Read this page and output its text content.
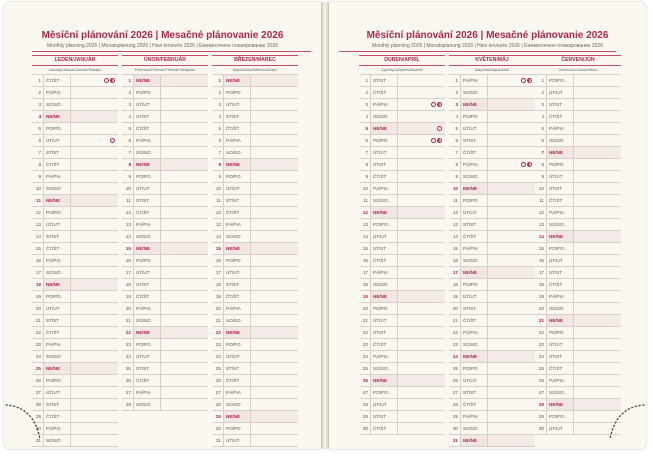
Měsíční plánování 2026 | Mesačné plánovanie 2026
Monthly planning 2026 | Monatsplanung 2026 | Havi tervezés 2026 | Ежемесячное планирование 2026
LEDEN/JANUÁR
January/Januar/Január/Январь
1	ČT/ŠT
2	PÁ/PIA
3	SO/SO
4	NE/NE
5	PO/PO
6	ÚT/UT
7	ST/ST
8	ČT/ŠT
9	PÁ/PIA
10	SO/SO
11	NE/NE
12	PO/PO
13	ÚT/UT
14	ST/ST
15	ČT/ŠT
16	PÁ/PIA
17	SO/SO
18	NE/NE
19	PO/PO
20	ÚT/UT
21	ST/ST
22	ČT/ŠT
23	PÁ/PIA
24	SO/SO
25	NE/NE
26	PO/PO
27	ÚT/UT
28	ST/ST
29	ČT/ŠT
30	PÁ/PIA
31	SO/SO
ÚNOR/FEBRUÁR
February/Februar/Február/Февраль
1	NE/NE
2	PO/PO
3	ÚT/UT
4	ST/ST
5	ČT/ŠT
6	PÁ/PIA
7	SO/SO
8	NE/NE
9	PO/PO
10	ÚT/UT
11	ST/ST
12	ČT/ŠT
13	PÁ/PIA
14	SO/SO
15	NE/NE
16	PO/PO
17	ÚT/UT
18	ST/ST
19	ČT/ŠT
20	PÁ/PIA
21	SO/SO
22	NE/NE
23	PO/PO
24	ÚT/UT
25	ST/ST
26	ČT/ŠT
27	PÁ/PIA
28	SO/SO
BŘEZEN/MAREC
March/März/Március/Март
1	NE/NE
2	PO/PO
3	ÚT/UT
4	ST/ST
5	ČT/ŠT
6	PÁ/PIA
7	SO/SO
8	NE/NE
9	PO/PO
10	ÚT/UT
11	ST/ST
12	ČT/ŠT
13	PÁ/PIA
14	SO/SO
15	NE/NE
16	PO/PO
17	ÚT/UT
18	ST/ST
19	ČT/ŠT
20	PÁ/PIA
21	SO/SO
22	NE/NE
23	PO/PO
24	ÚT/UT
25	ST/ST
26	ČT/ŠT
27	PÁ/PIA
28	SO/SO
29	NE/NE
30	PO/PO
31	ÚT/UT
Měsíční plánování 2026 | Mesačné plánovanie 2026
Monthly planning 2026 | Monatsplanung 2026 | Havi tervezés 2026 | Ежемесячное планирование 2026
DUBEN/APRÍL
April/April/Április/Апрель
1	ST/ST
2	ČT/ŠT
3	PÁ/PIA
4	SO/SO
5	NE/NE
6	PO/PO
7	ÚT/UT
8	ST/ST
9	ČT/ŠT
10	PÁ/PIA
11	SO/SO
12	NE/NE
13	PO/PO
14	ÚT/UT
15	ST/ST
16	ČT/ŠT
17	PÁ/PIA
18	SO/SO
19	NE/NE
20	PO/PO
21	ÚT/UT
22	ST/ST
23	ČT/ŠT
24	PÁ/PIA
25	SO/SO
26	NE/NE
27	PO/PO
28	ÚT/UT
29	ST/ST
30	ČT/ŠT
KVĚTEN/MÁJ
May/Mai/Május/Май
1	PÁ/PIA
2	SO/SO
3	NE/NE
4	PO/PO
5	ÚT/UT
6	ST/ST
7	ČT/ŠT
8	PÁ/PIA
9	SO/SO
10	NE/NE
11	PO/PO
12	ÚT/UT
13	ST/ST
14	ČT/ŠT
15	PÁ/PIA
16	SO/SO
17	NE/NE
18	PO/PO
19	ÚT/UT
20	ST/ST
21	ČT/ŠT
22	PÁ/PIA
23	SO/SO
24	NE/NE
25	PO/PO
26	ÚT/UT
27	ST/ST
28	ČT/ŠT
29	PÁ/PIA
30	SO/SO
31	NE/NE
ČERVEN/JÚN
June/Juni/Június/Июнь
1	PO/PO
2	ÚT/UT
3	ST/ST
4	ČT/ŠT
5	PÁ/PIA
6	SO/SO
7	NE/NE
8	PO/PO
9	ÚT/UT
10	ST/ST
11	ČT/ŠT
12	PÁ/PIA
13	SO/SO
14	NE/NE
15	PO/PO
16	ÚT/UT
17	ST/ST
18	ČT/ŠT
19	PÁ/PIA
20	SO/SO
21	NE/NE
22	PO/PO
23	ÚT/UT
24	ST/ST
25	ČT/ŠT
26	PÁ/PIA
27	SO/SO
28	NE/NE
29	PO/PO
30	ÚT/UT
